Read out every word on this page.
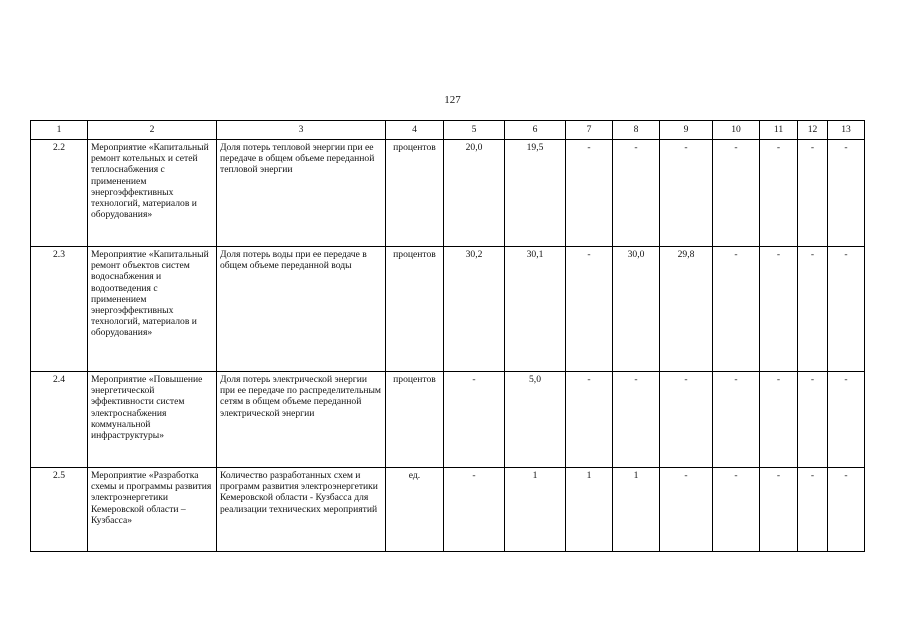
127
1	2	3	4	5	6	7	8	9	10	11	12	13
2.2	Мероприятие «Капитальный ремонт котельных и сетей теплоснабжения с применением энергоэффективных технологий, материалов и оборудования»	Доля потерь тепловой энергии при ее передаче в общем объеме переданной тепловой энергии	процентов	20,0	19,5	-	-	-	-	-	-	-
2.3	Мероприятие «Капитальный ремонт объектов систем водоснабжения и водоотведения с применением энергоэффективных технологий, материалов и оборудования»	Доля потерь воды при ее передаче в общем объеме переданной воды	процентов	30,2	30,1	-	30,0	29,8	-	-	-	-
2.4	Мероприятие «Повышение энергетической эффективности систем электроснабжения коммунальной инфраструктуры»	Доля потерь электрической энергии при ее передаче по распределительным сетям в общем объеме переданной электрической энергии	процентов	-	5,0	-	-	-	-	-	-	-
2.5	Мероприятие «Разработка схемы и программы развития электроэнергетики Кемеровской области – Кузбасса»	Количество разработанных схем и программ развития электроэнергетики Кемеровской области - Кузбасса для реализации технических мероприятий	ед.	-	1	1	1	-	-	-	-	-
